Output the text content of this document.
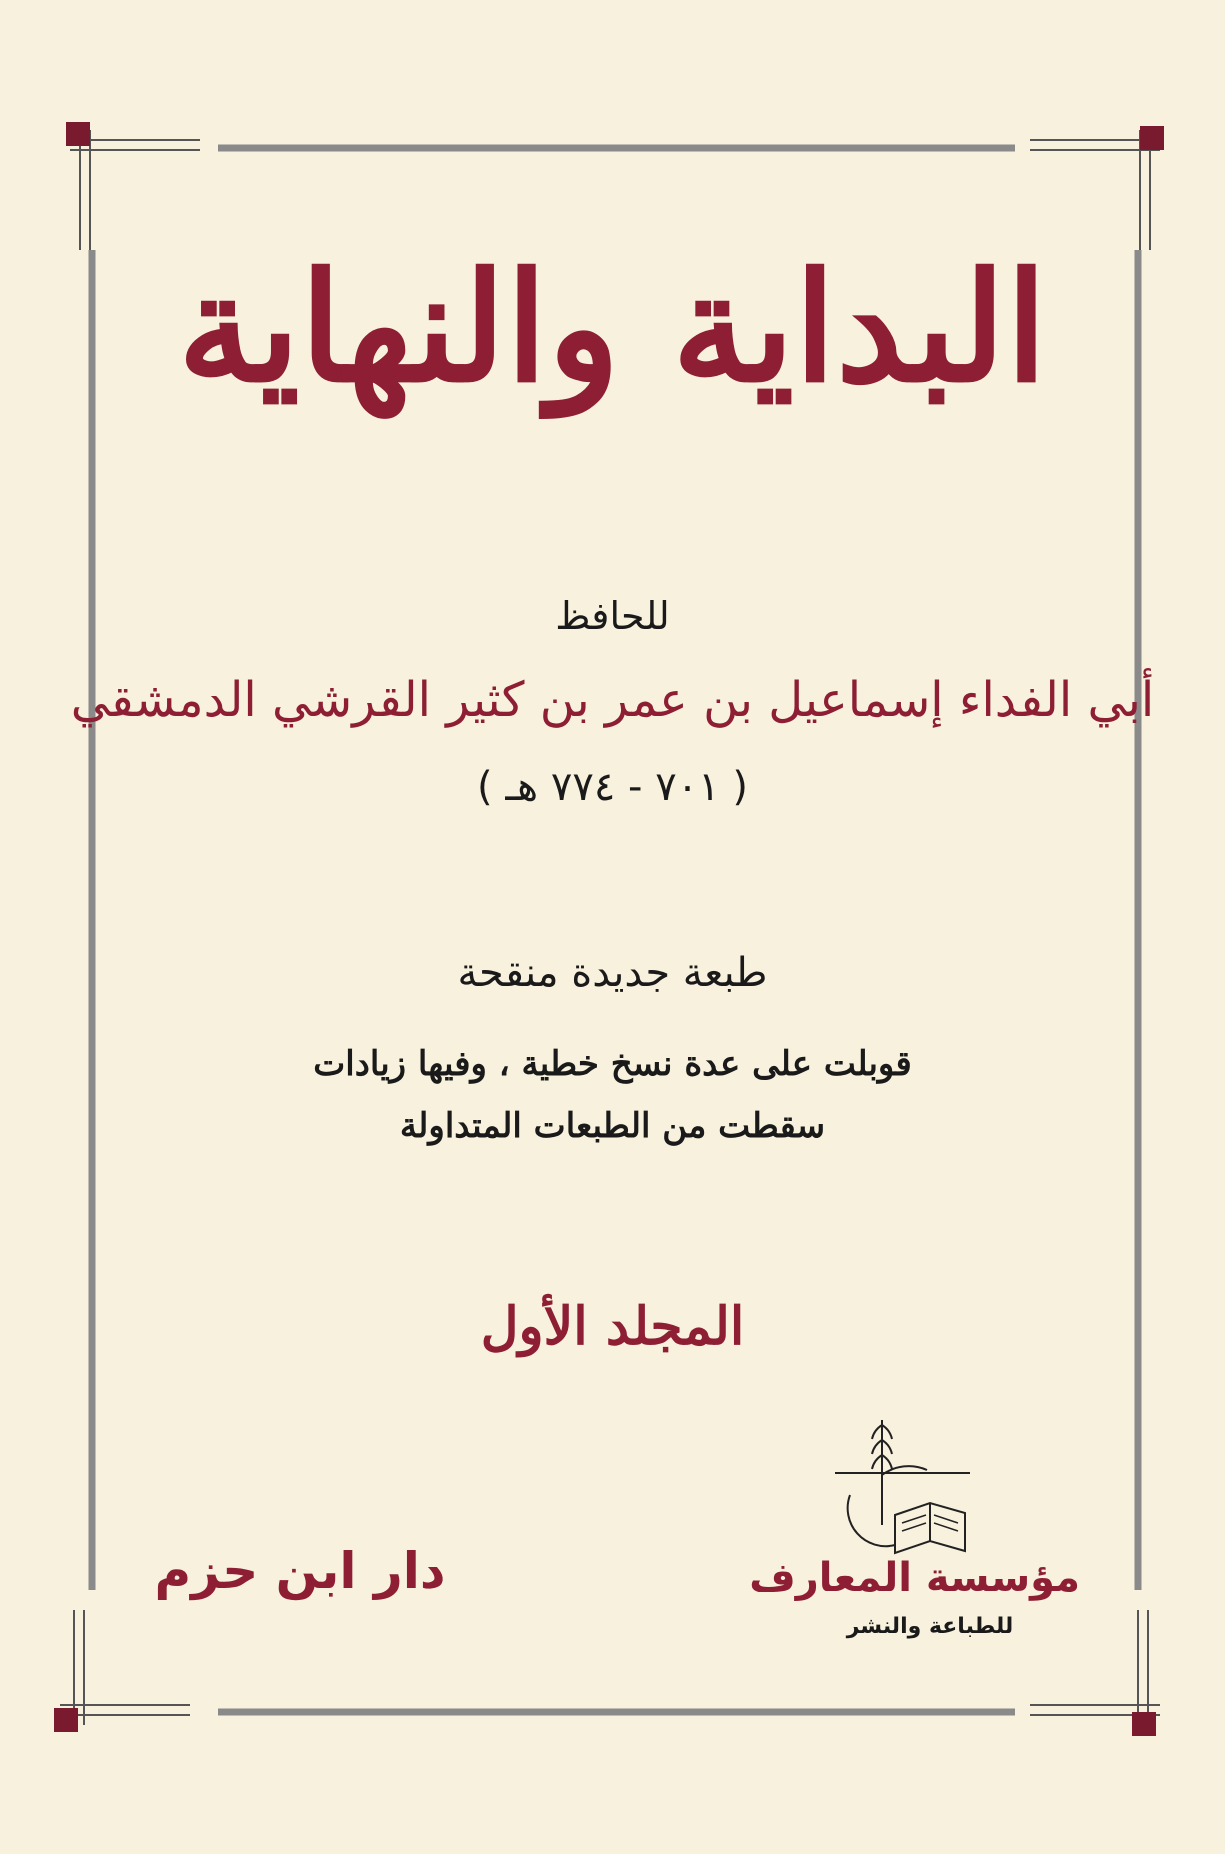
البداية والنهاية
للحافظ
أبي الفداء إسماعيل بن عمر بن كثير القرشي الدمشقي
( ٧٠١ - ٧٧٤ هـ )
طبعة جديدة منقحة
قوبلت على عدة نسخ خطية ، وفيها زيادات
سقطت من الطبعات المتداولة
المجلد الأول
دار ابن حزم	مؤسسة المعارف
للطباعة والنشر
